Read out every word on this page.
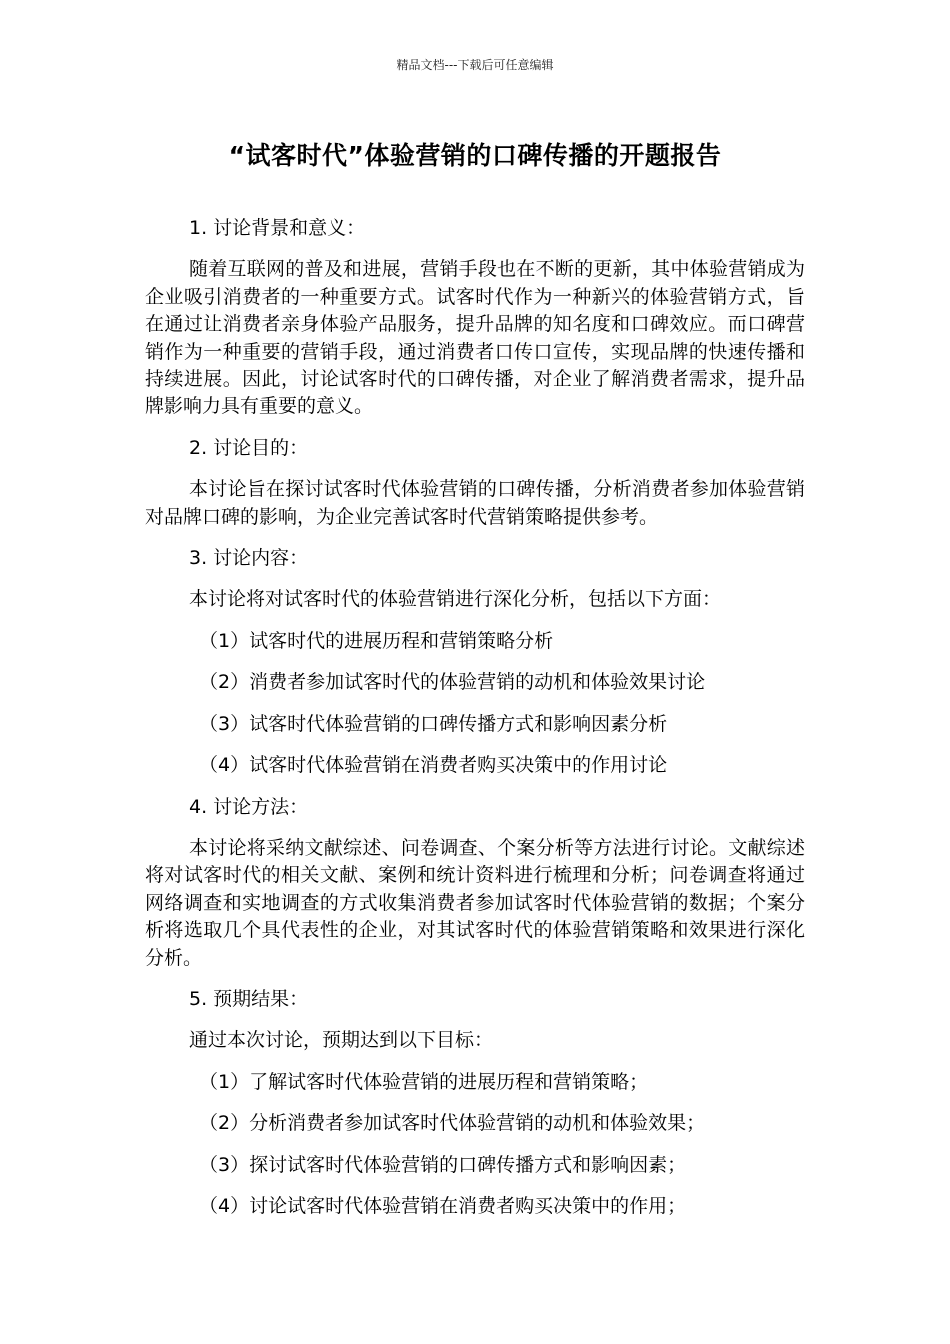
精品文档---下载后可任意编辑
“试客时代”体验营销的口碑传播的开题报告
1. 讨论背景和意义：
随着互联网的普及和进展，营销手段也在不断的更新，其中体验营销成为企业吸引消费者的一种重要方式。试客时代作为一种新兴的体验营销方式，旨在通过让消费者亲身体验产品服务，提升品牌的知名度和口碑效应。而口碑营销作为一种重要的营销手段，通过消费者口传口宣传，实现品牌的快速传播和持续进展。因此，讨论试客时代的口碑传播，对企业了解消费者需求，提升品牌影响力具有重要的意义。
2. 讨论目的：
本讨论旨在探讨试客时代体验营销的口碑传播，分析消费者参加体验营销对品牌口碑的影响，为企业完善试客时代营销策略提供参考。
3. 讨论内容：
本讨论将对试客时代的体验营销进行深化分析，包括以下方面：
（1）试客时代的进展历程和营销策略分析
（2）消费者参加试客时代的体验营销的动机和体验效果讨论
（3）试客时代体验营销的口碑传播方式和影响因素分析
（4）试客时代体验营销在消费者购买决策中的作用讨论
4. 讨论方法：
本讨论将采纳文献综述、问卷调查、个案分析等方法进行讨论。文献综述将对试客时代的相关文献、案例和统计资料进行梳理和分析；问卷调查将通过网络调查和实地调查的方式收集消费者参加试客时代体验营销的数据；个案分析将选取几个具代表性的企业，对其试客时代的体验营销策略和效果进行深化分析。
5. 预期结果：
通过本次讨论，预期达到以下目标：
（1）了解试客时代体验营销的进展历程和营销策略；
（2）分析消费者参加试客时代体验营销的动机和体验效果；
（3）探讨试客时代体验营销的口碑传播方式和影响因素；
（4）讨论试客时代体验营销在消费者购买决策中的作用；
